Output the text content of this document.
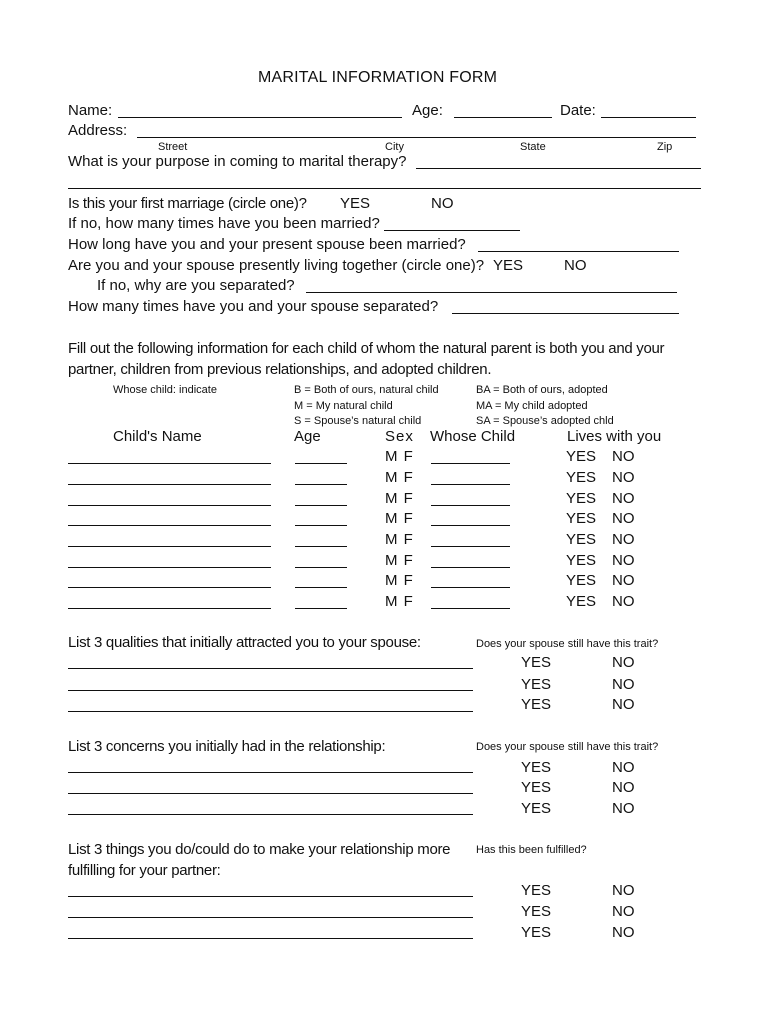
MARITAL INFORMATION FORM
Name:	Age:	Date:
Address:
Street	City	State	Zip
What is your purpose in coming to marital therapy?
Is this your first marriage (circle one)? YES	NO
If no, how many times have you been married?
How long have you and your present spouse been married?
Are you and your spouse presently living together (circle one)? YES	NO
If no, why are you separated?
How many times have you and your spouse separated?
Fill out the following information for each child of whom the natural parent is both you and your
partner, children from previous relationships, and adopted children.
Whose child: indicate	B = Both of ours, natural child
M = My natural child
S = Spouse’s natural child
BA = Both of ours, adopted
MA = My child adopted
SA = Spouse’s adopted chld
Child's Name	Age	Sex Whose Child	Lives with you
M F	YES NO
M F	YES NO
M F	YES NO
M F	YES NO
M F	YES NO
M F	YES NO
M F	YES NO
M F	YES NO
List 3 qualities that initially attracted you to your spouse:	Does your spouse still have this trait?
YES	NO
YES	NO
YES	NO
List 3 concerns you initially had in the relationship:	Does your spouse still have this trait?
YES	NO
YES	NO
YES	NO
List 3 things you do/could do to make your relationship more
fulfilling for your partner:
Has this been fulfilled?
YES	NO
YES	NO
YES	NO
